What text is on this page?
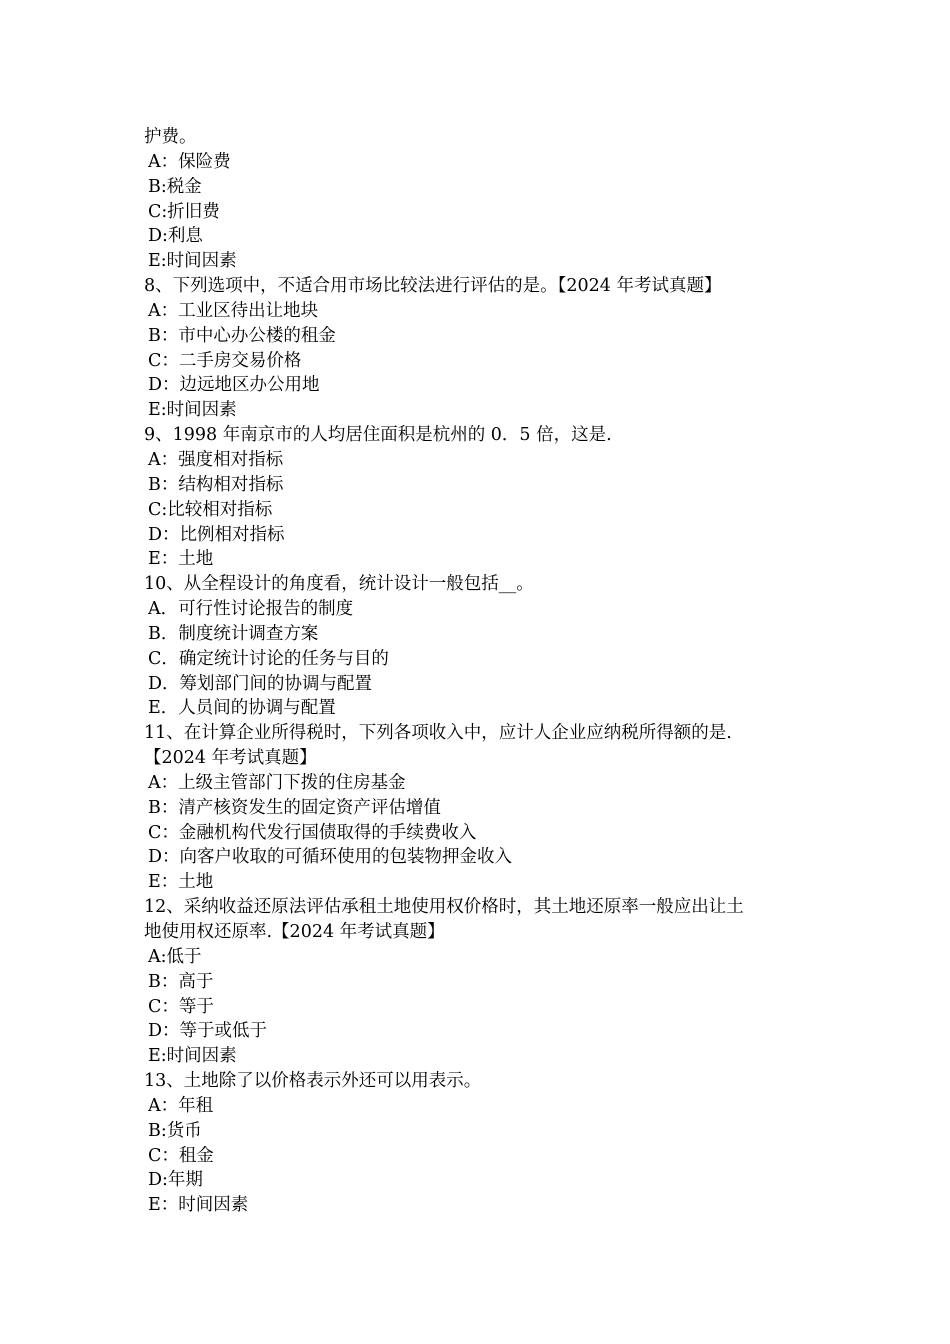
护费。
A：保险费
B:税金
C:折旧费
D:利息
E:时间因素
8、下列选项中，不适合用市场比较法进行评估的是。【2024 年考试真题】
A：工业区待出让地块
B：市中心办公楼的租金
C：二手房交易价格
D：边远地区办公用地
E:时间因素
9、1998 年南京市的人均居住面积是杭州的 0．5 倍，这是.
A：强度相对指标
B：结构相对指标
C:比较相对指标
D：比例相对指标
E：土地
10、从全程设计的角度看，统计设计一般包括__。
A．可行性讨论报告的制度
B．制度统计调查方案
C．确定统计讨论的任务与目的
D．筹划部门间的协调与配置
E．人员间的协调与配置
11、在计算企业所得税时，下列各项收入中，应计人企业应纳税所得额的是.
【2024 年考试真题】
A：上级主管部门下拨的住房基金
B：清产核资发生的固定资产评估增值
C：金融机构代发行国债取得的手续费收入
D：向客户收取的可循环使用的包装物押金收入
E：土地
12、采纳收益还原法评估承租土地使用权价格时，其土地还原率一般应出让土
地使用权还原率.【2024 年考试真题】
A:低于
B：高于
C：等于
D：等于或低于
E:时间因素
13、土地除了以价格表示外还可以用表示。
A：年租
B:货币
C：租金
D:年期
E：时间因素
